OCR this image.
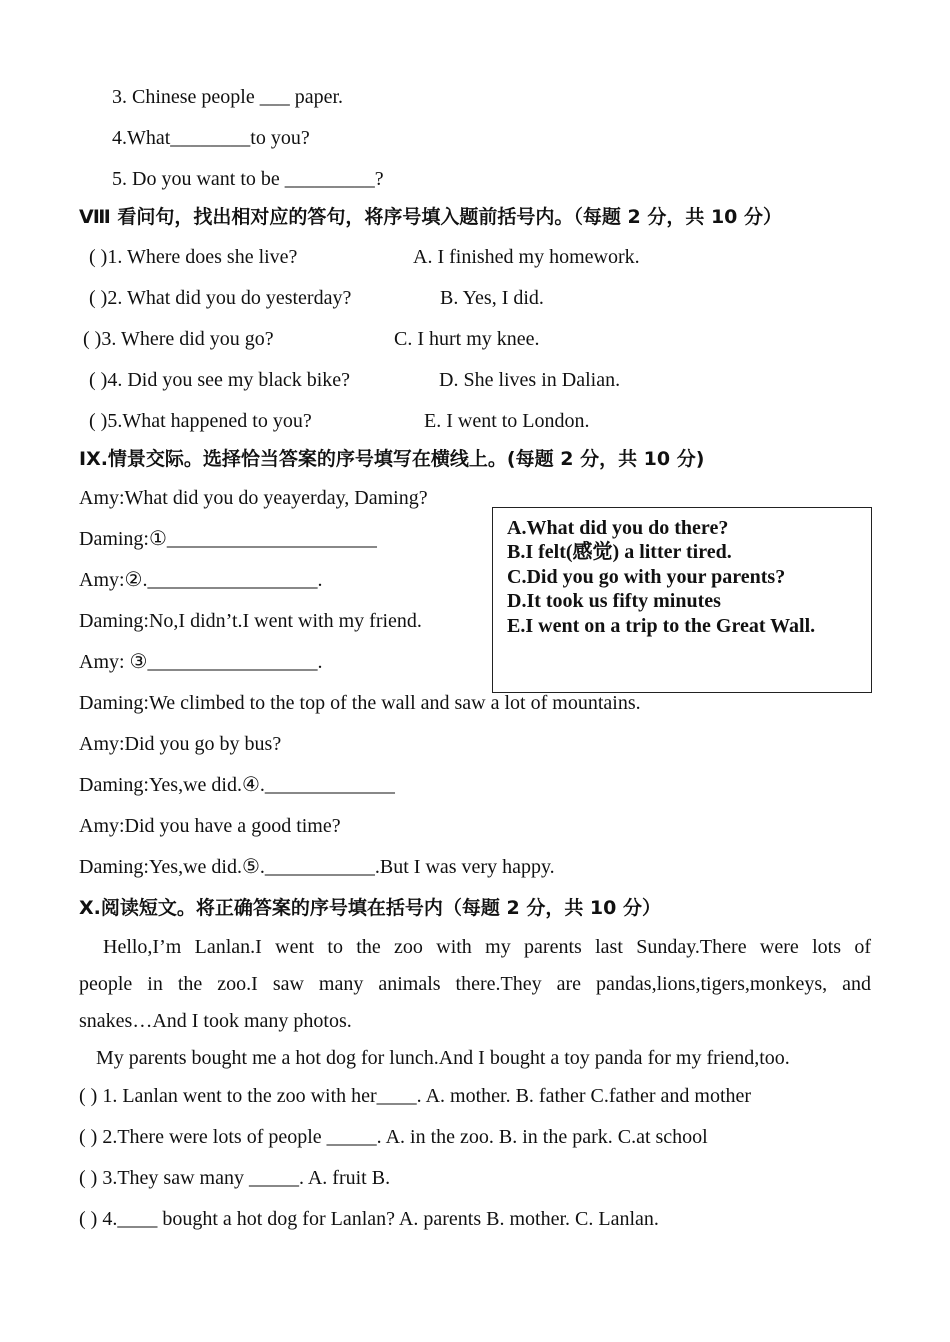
3. Chinese people ___ paper.
4.What________to you?
5. Do you want to be _________?
Ⅷ 看问句，找出相对应的答句，将序号填入题前括号内。（每题 2 分，共 10 分）
( )1. Where does she live?	A. I finished my homework.
( )2. What did you do yesterday?	B. Yes, I did.
( )3. Where did you go?	C. I hurt my knee.
( )4. Did you see my black bike?	D. She lives in Dalian.
( )5.What happened to you?	E. I went to London.
IX.情景交际。选择恰当答案的序号填写在横线上。(每题 2 分，共 10 分)
Amy:What did you do yeayerday, Daming?
Daming:①_____________________
Amy:②._________________.
Daming:No,I didn’t.I went with my friend.
Amy: ③_________________.
Daming:We climbed to the top of the wall and saw a lot of mountains.
Amy:Did you go by bus?
Daming:Yes,we did.④._____________
Amy:Did you have a good time?
Daming:Yes,we did.⑤.___________.But I was very happy.
A.What did you do there?
B.I felt(感觉) a litter tired.
C.Did you go with your parents?
D.It took us fifty minutes
E.I went on a trip to the Great Wall.
X.阅读短文。将正确答案的序号填在括号内（每题 2 分，共 10 分）
Hello,I’m Lanlan.I went to the zoo with my parents last Sunday.There were lots of
people in the zoo.I saw many animals there.They are pandas,lions,tigers,monkeys, and
snakes…And I took many photos.
My parents bought me a hot dog for lunch.And I bought a toy panda for my friend,too.
( ) 1. Lanlan went to the zoo with her____. A. mother. B. father C.father and mother
( ) 2.There were lots of people _____. A. in the zoo. B. in the park. C.at school
( ) 3.They saw many _____. A. fruit B.
( ) 4.____ bought a hot dog for Lanlan? A. parents B. mother. C. Lanlan.
